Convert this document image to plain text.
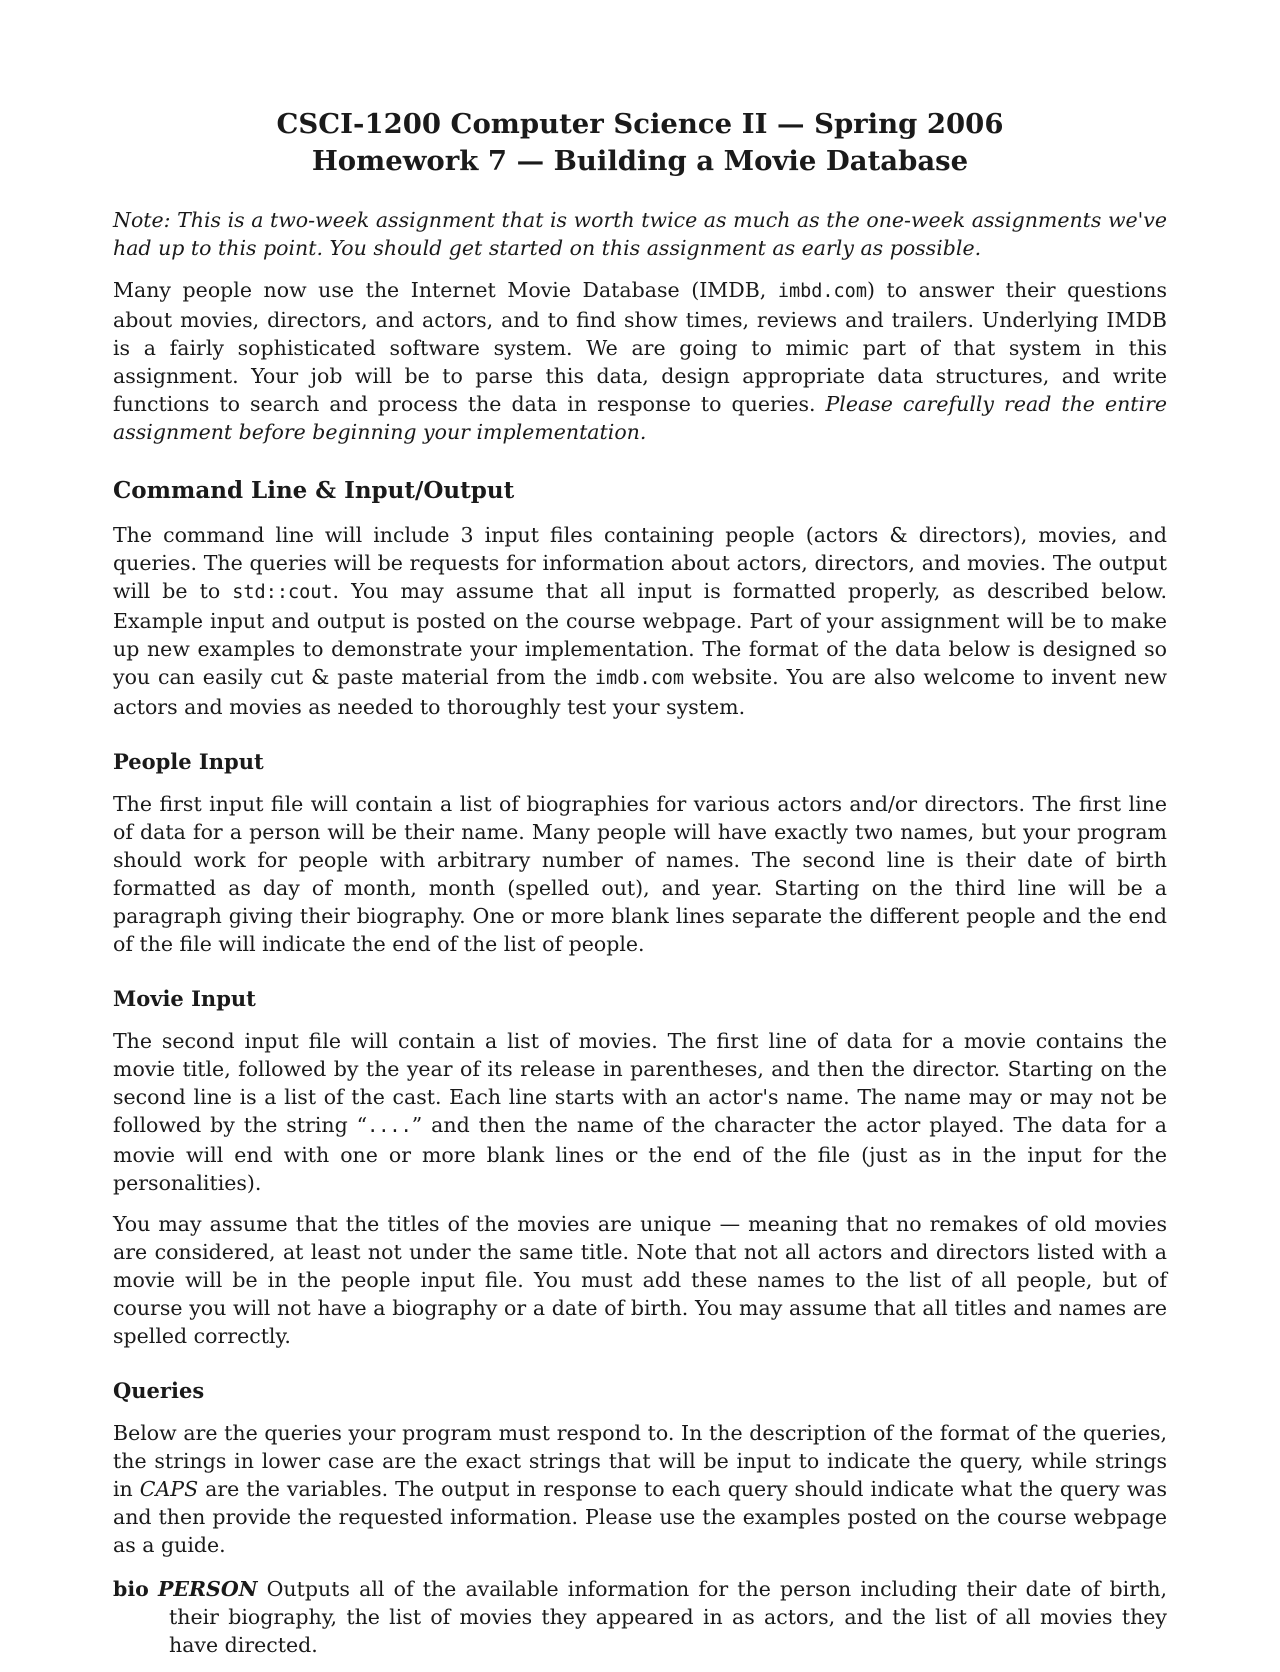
CSCI-1200 Computer Science II — Spring 2006
Homework 7 — Building a Movie Database

Note: This is a two-week assignment that is worth twice as much as the one-week assignments we've had up to this point. You should get started on this assignment as early as possible.

Many people now use the Internet Movie Database (IMDB, imbd.com) to answer their questions about movies, directors, and actors, and to find show times, reviews and trailers. Underlying IMDB is a fairly sophisticated software system. We are going to mimic part of that system in this assignment. Your job will be to parse this data, design appropriate data structures, and write functions to search and process the data in response to queries. Please carefully read the entire assignment before beginning your implementation.

Command Line & Input/Output

The command line will include 3 input files containing people (actors & directors), movies, and queries. The queries will be requests for information about actors, directors, and movies. The output will be to std::cout. You may assume that all input is formatted properly, as described below. Example input and output is posted on the course webpage. Part of your assignment will be to make up new examples to demonstrate your implementation. The format of the data below is designed so you can easily cut & paste material from the imdb.com website. You are also welcome to invent new actors and movies as needed to thoroughly test your system.

People Input

The first input file will contain a list of biographies for various actors and/or directors. The first line of data for a person will be their name. Many people will have exactly two names, but your program should work for people with arbitrary number of names. The second line is their date of birth formatted as day of month, month (spelled out), and year. Starting on the third line will be a paragraph giving their biography. One or more blank lines separate the different people and the end of the file will indicate the end of the list of people.

Movie Input

The second input file will contain a list of movies. The first line of data for a movie contains the movie title, followed by the year of its release in parentheses, and then the director. Starting on the second line is a list of the cast. Each line starts with an actor's name. The name may or may not be followed by the string “....” and then the name of the character the actor played. The data for a movie will end with one or more blank lines or the end of the file (just as in the input for the personalities).

You may assume that the titles of the movies are unique — meaning that no remakes of old movies are considered, at least not under the same title. Note that not all actors and directors listed with a movie will be in the people input file. You must add these names to the list of all people, but of course you will not have a biography or a date of birth. You may assume that all titles and names are spelled correctly.

Queries

Below are the queries your program must respond to. In the description of the format of the queries, the strings in lower case are the exact strings that will be input to indicate the query, while strings in CAPS are the variables. The output in response to each query should indicate what the query was and then provide the requested information. Please use the examples posted on the course webpage as a guide.

bio PERSON Outputs all of the available information for the person including their date of birth, their biography, the list of movies they appeared in as actors, and the list of all movies they have directed.
